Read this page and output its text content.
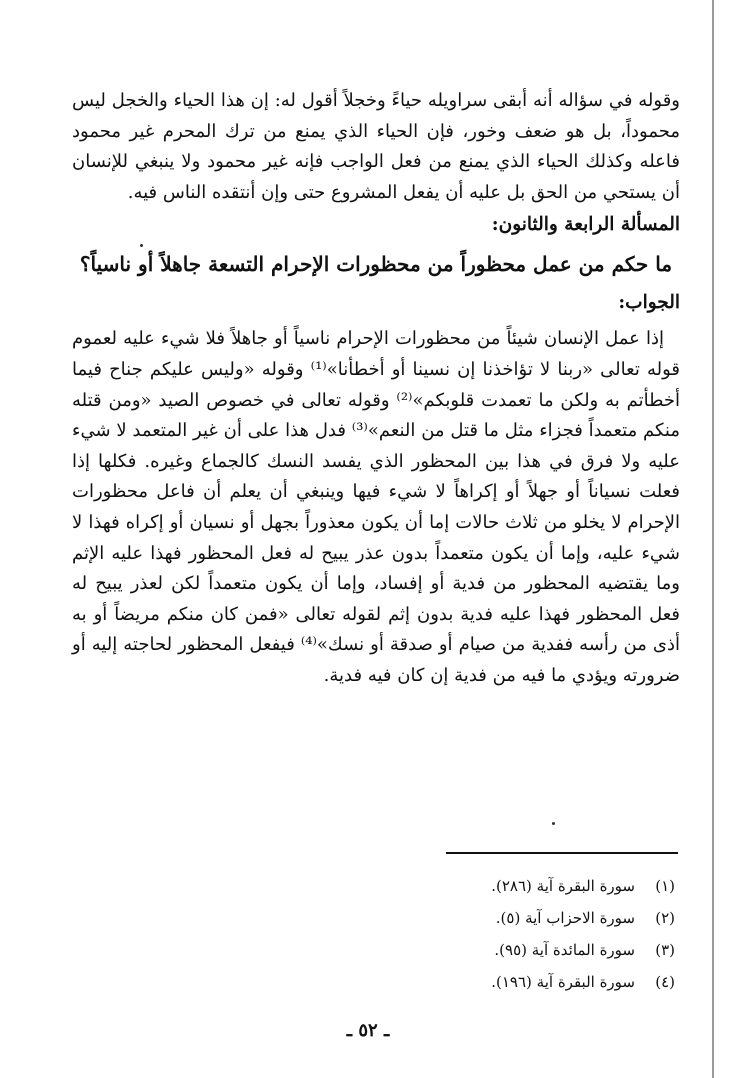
وقوله في سؤاله أنه أبقى سراويله حياءً وخجلاً أقول له: إن هذا الحياء والخجل ليس محموداً، بل هو ضعف وخور، فإن الحياء الذي يمنع من ترك المحرم غير محمود فاعله وكذلك الحياء الذي يمنع من فعل الواجب فإنه غير محمود ولا ينبغي للإنسان أن يستحي من الحق بل عليه أن يفعل المشروع حتى وإن أنتقده الناس فيه.

المسألة الرابعة والثانون:

ما حكم من عمل محظوراً من محظورات الإحرام التسعة جاهلاً أو ناسياً؟

الجواب:

إذا عمل الإنسان شيئاً من محظورات الإحرام ناسياً أو جاهلاً فلا شيء عليه لعموم قوله تعالى «ربنا لا تؤاخذنا إن نسينا أو أخطأنا»⁽¹⁾ وقوله «وليس عليكم جناح فيما أخطأتم به ولكن ما تعمدت قلوبكم»⁽²⁾ وقوله تعالى في خصوص الصيد «ومن قتله منكم متعمداً فجزاء مثل ما قتل من النعم»⁽³⁾ فدل هذا على أن غير المتعمد لا شيء عليه ولا فرق في هذا بين المحظور الذي يفسد النسك كالجماع وغيره. فكلها إذا فعلت نسياناً أو جهلاً أو إكراهاً لا شيء فيها وينبغي أن يعلم أن فاعل محظورات الإحرام لا يخلو من ثلاث حالات إما أن يكون معذوراً بجهل أو نسيان أو إكراه فهذا لا شيء عليه، وإما أن يكون متعمداً بدون عذر يبيح له فعل المحظور فهذا عليه الإثم وما يقتضيه المحظور من فدية أو إفساد، وإما أن يكون متعمداً لكن لعذر يبيح له فعل المحظور فهذا عليه فدية بدون إثم لقوله تعالى «فمن كان منكم مريضاً أو به أذى من رأسه ففدية من صيام أو صدقة أو نسك»⁽⁴⁾ فيفعل المحظور لحاجته إليه أو ضرورته ويؤدي ما فيه من فدية إن كان فيه فدية.

(١)
سورة البقرة آية (٢٨٦).
(٢)
سورة الاحزاب آية (٥).
(٣)
سورة المائدة آية (٩٥).
(٤)
سورة البقرة آية (١٩٦).
ـ ٥٢ ـ
